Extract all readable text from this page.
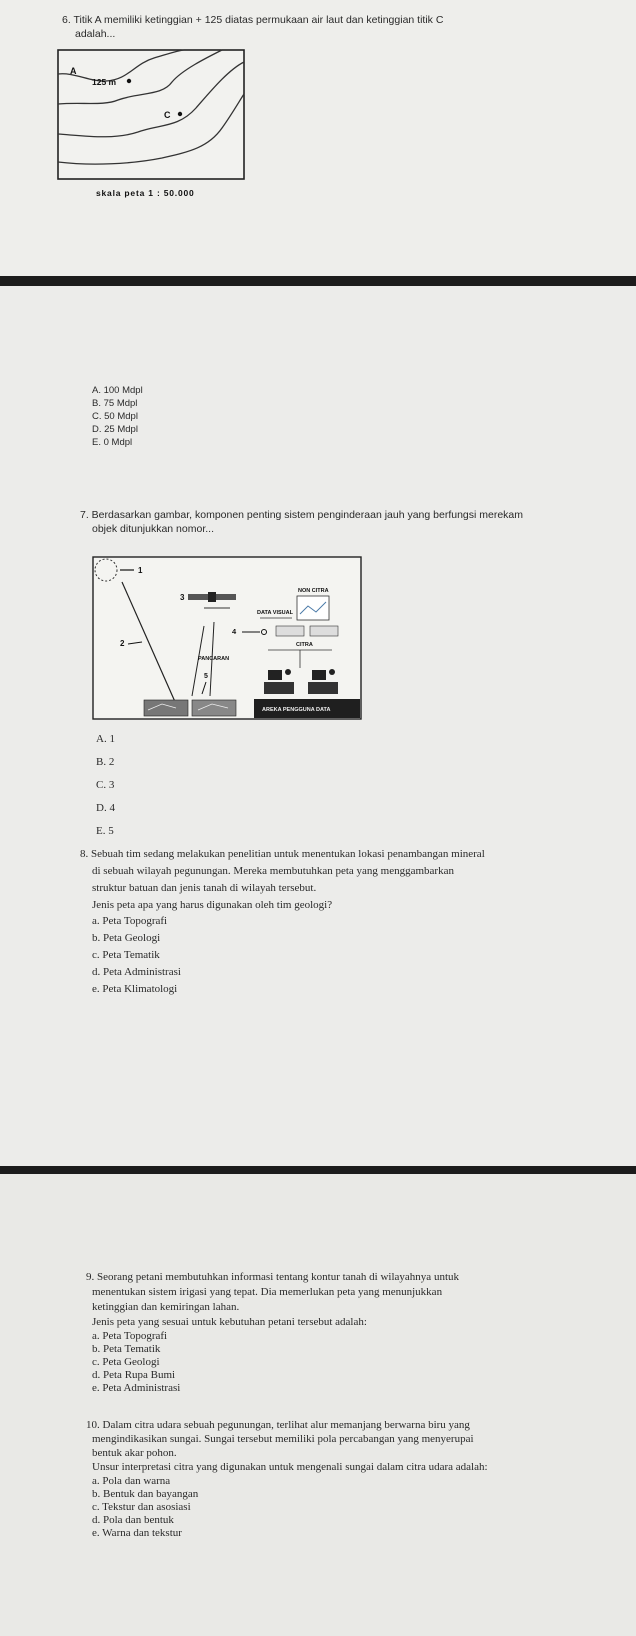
6. Titik A memiliki ketinggian + 125 diatas permukaan air laut dan ketinggian titik C
adalah...
A
125 m
C
skala peta 1 : 50.000
A. 100 Mdpl
B. 75 Mdpl
C. 50 Mdpl
D. 25 Mdpl
E. 0 Mdpl
7. Berdasarkan gambar, komponen penting sistem penginderaan jauh yang berfungsi merekam
objek ditunjukkan nomor...
1
2
3
4
PANCARAN
5
NON CITRA
DATA VISUAL
CITRA
AREKA PENGGUNA DATA
A. 1
B. 2
C. 3
D. 4
E. 5
8. Sebuah tim sedang melakukan penelitian untuk menentukan lokasi penambangan mineral
di sebuah wilayah pegunungan. Mereka membutuhkan peta yang menggambarkan
struktur batuan dan jenis tanah di wilayah tersebut.
Jenis peta apa yang harus digunakan oleh tim geologi?
a. Peta Topografi
b. Peta Geologi
c. Peta Tematik
d. Peta Administrasi
e. Peta Klimatologi
9. Seorang petani membutuhkan informasi tentang kontur tanah di wilayahnya untuk
menentukan sistem irigasi yang tepat. Dia memerlukan peta yang menunjukkan
ketinggian dan kemiringan lahan.
Jenis peta yang sesuai untuk kebutuhan petani tersebut adalah:
a. Peta Topografi
b. Peta Tematik
c. Peta Geologi
d. Peta Rupa Bumi
e. Peta Administrasi
10. Dalam citra udara sebuah pegunungan, terlihat alur memanjang berwarna biru yang
mengindikasikan sungai. Sungai tersebut memiliki pola percabangan yang menyerupai
bentuk akar pohon.
Unsur interpretasi citra yang digunakan untuk mengenali sungai dalam citra udara adalah:
a. Pola dan warna
b. Bentuk dan bayangan
c. Tekstur dan asosiasi
d. Pola dan bentuk
e. Warna dan tekstur
